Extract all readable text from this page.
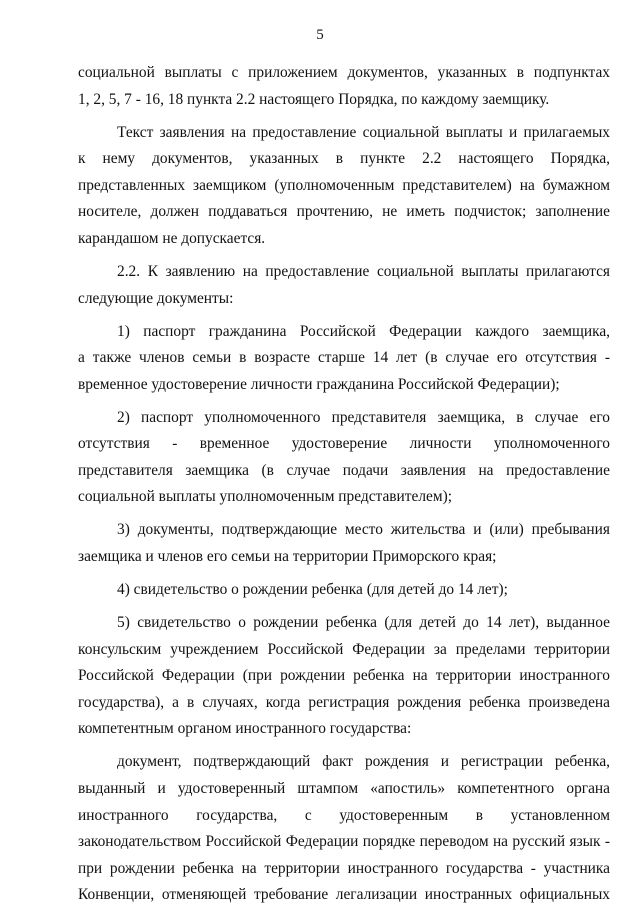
5

социальной выплаты с приложением документов, указанных в подпунктах
1, 2, 5, 7 - 16, 18 пункта 2.2 настоящего Порядка, по каждому заемщику.

Текст заявления на предоставление социальной выплаты и прилагаемых
к нему документов, указанных в пункте 2.2 настоящего Порядка,
представленных заемщиком (уполномоченным представителем) на бумажном
носителе, должен поддаваться прочтению, не иметь подчисток; заполнение
карандашом не допускается.

2.2. К заявлению на предоставление социальной выплаты прилагаются
следующие документы:

1) паспорт гражданина Российской Федерации каждого заемщика,
а также членов семьи в возрасте старше 14 лет (в случае его отсутствия -
временное удостоверение личности гражданина Российской Федерации);

2) паспорт уполномоченного представителя заемщика, в случае его
отсутствия - временное удостоверение личности уполномоченного
представителя заемщика (в случае подачи заявления на предоставление
социальной выплаты уполномоченным представителем);

3) документы, подтверждающие место жительства и (или) пребывания
заемщика и членов его семьи на территории Приморского края;

4) свидетельство о рождении ребенка (для детей до 14 лет);

5) свидетельство о рождении ребенка (для детей до 14 лет), выданное
консульским учреждением Российской Федерации за пределами территории
Российской Федерации (при рождении ребенка на территории иностранного
государства), а в случаях, когда регистрация рождения ребенка произведена
компетентным органом иностранного государства:

документ, подтверждающий факт рождения и регистрации ребенка,
выданный и удостоверенный штампом «апостиль» компетентного органа
иностранного государства, с удостоверенным в установленном
законодательством Российской Федерации порядке переводом на русский язык -
при рождении ребенка на территории иностранного государства - участника
Конвенции, отменяющей требование легализации иностранных официальных
